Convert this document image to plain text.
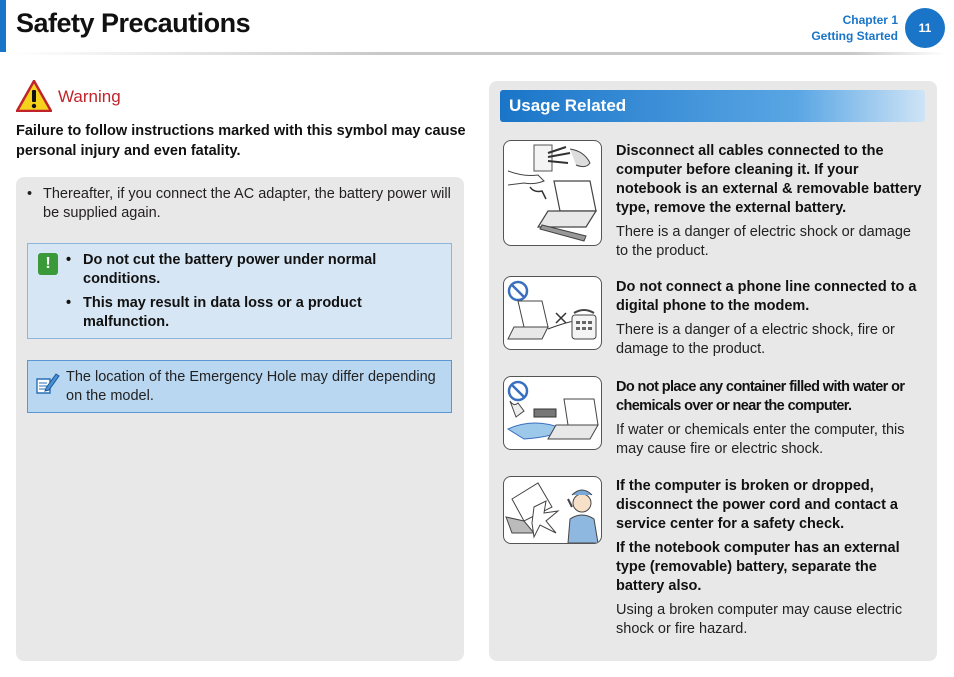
Safety Precautions	Chapter 1
Getting Started
11
Warning
Failure to follow instructions marked with this symbol may cause personal injury and even fatality.
• Thereafter, if you connect the AC adapter, the battery power will be supplied again.
!	• Do not cut the battery power under normal conditions.
• This may result in data loss or a product malfunction.
The location of the Emergency Hole may differ depending on the model.
Usage Related
Disconnect all cables connected to the computer before cleaning it. If your notebook is an external & removable battery type, remove the external battery.
There is a danger of electric shock or damage to the product.
Do not connect a phone line connected to a digital phone to the modem.
There is a danger of a electric shock, fire or damage to the product.
Do not place any container filled with water or chemicals over or near the computer.
If water or chemicals enter the computer, this may cause fire or electric shock.
If the computer is broken or dropped, disconnect the power cord and contact a service center for a safety check.
If the notebook computer has an external type (removable) battery, separate the battery also.
Using a broken computer may cause electric shock or fire hazard.
